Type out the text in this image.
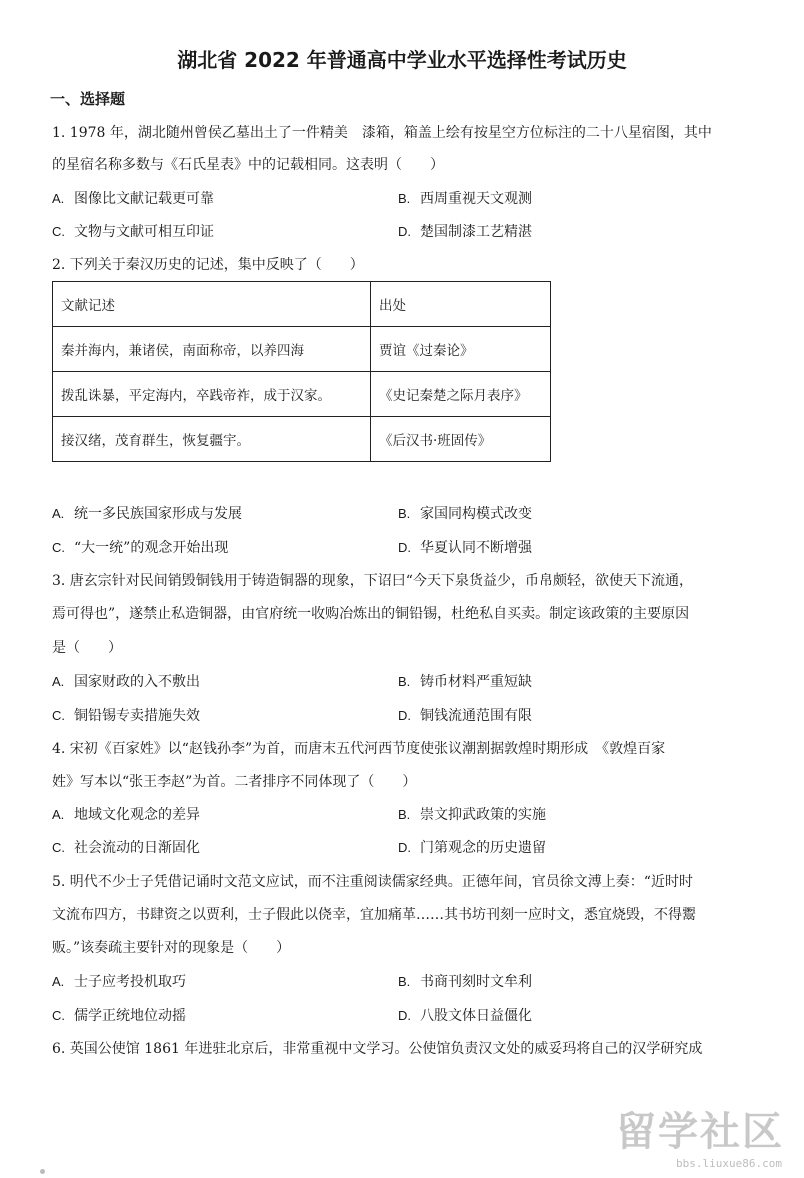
湖北省 2022 年普通高中学业水平选择性考试历史
一、选择题
1. 1978 年，湖北随州曾侯乙墓出土了一件精美　漆箱，箱盖上绘有按星空方位标注的二十八星宿图，其中
的星宿名称多数与《石氏星表》中的记载相同。这表明（　　）
A. 图像比文献记载更可靠	B. 西周重视天文观测
C. 文物与文献可相互印证	D. 楚国制漆工艺精湛
2. 下列关于秦汉历史的记述，集中反映了（　　）
文献记述	出处
秦并海内，兼诸侯，南面称帝，以养四海	贾谊《过秦论》
拨乱诛暴，平定海内，卒践帝祚，成于汉家。	《史记秦楚之际月表序》
接汉绪，茂育群生，恢复疆宇。	《后汉书·班固传》
A. 统一多民族国家形成与发展	B. 家国同构模式改变
C. “大一统”的观念开始出现	D. 华夏认同不断增强
3. 唐玄宗针对民间销毁铜钱用于铸造铜器的现象，下诏曰“今天下泉货益少，币帛颇轻，欲使天下流通，
焉可得也”，遂禁止私造铜器，由官府统一收购冶炼出的铜铅锡，杜绝私自买卖。制定该政策的主要原因
是（　　）
A. 国家财政的入不敷出	B. 铸币材料严重短缺
C. 铜铅锡专卖措施失效	D. 铜钱流通范围有限
4. 宋初《百家姓》以“赵钱孙李”为首，而唐末五代河西节度使张议潮割据敦煌时期形成　《敦煌百家
姓》写本以“张王李赵”为首。二者排序不同体现了（　　）
A. 地域文化观念的差异	B. 崇文抑武政策的实施
C. 社会流动的日渐固化	D. 门第观念的历史遗留
5. 明代不少士子凭借记诵时文范文应试，而不注重阅读儒家经典。正德年间，官员徐文溥上奏：“近时时
文流布四方，书肆资之以贾利，士子假此以侥幸，宜加痛革……其书坊刊刻一应时文，悉宜烧毁，不得鬻
贩。”该奏疏主要针对的现象是（　　）
A. 士子应考投机取巧	B. 书商刊刻时文牟利
C. 儒学正统地位动摇	D. 八股文体日益僵化
6. 英国公使馆 1861 年进驻北京后，非常重视中文学习。公使馆负责汉文处的威妥玛将自己的汉学研究成
留学社区
bbs.liuxue86.com
